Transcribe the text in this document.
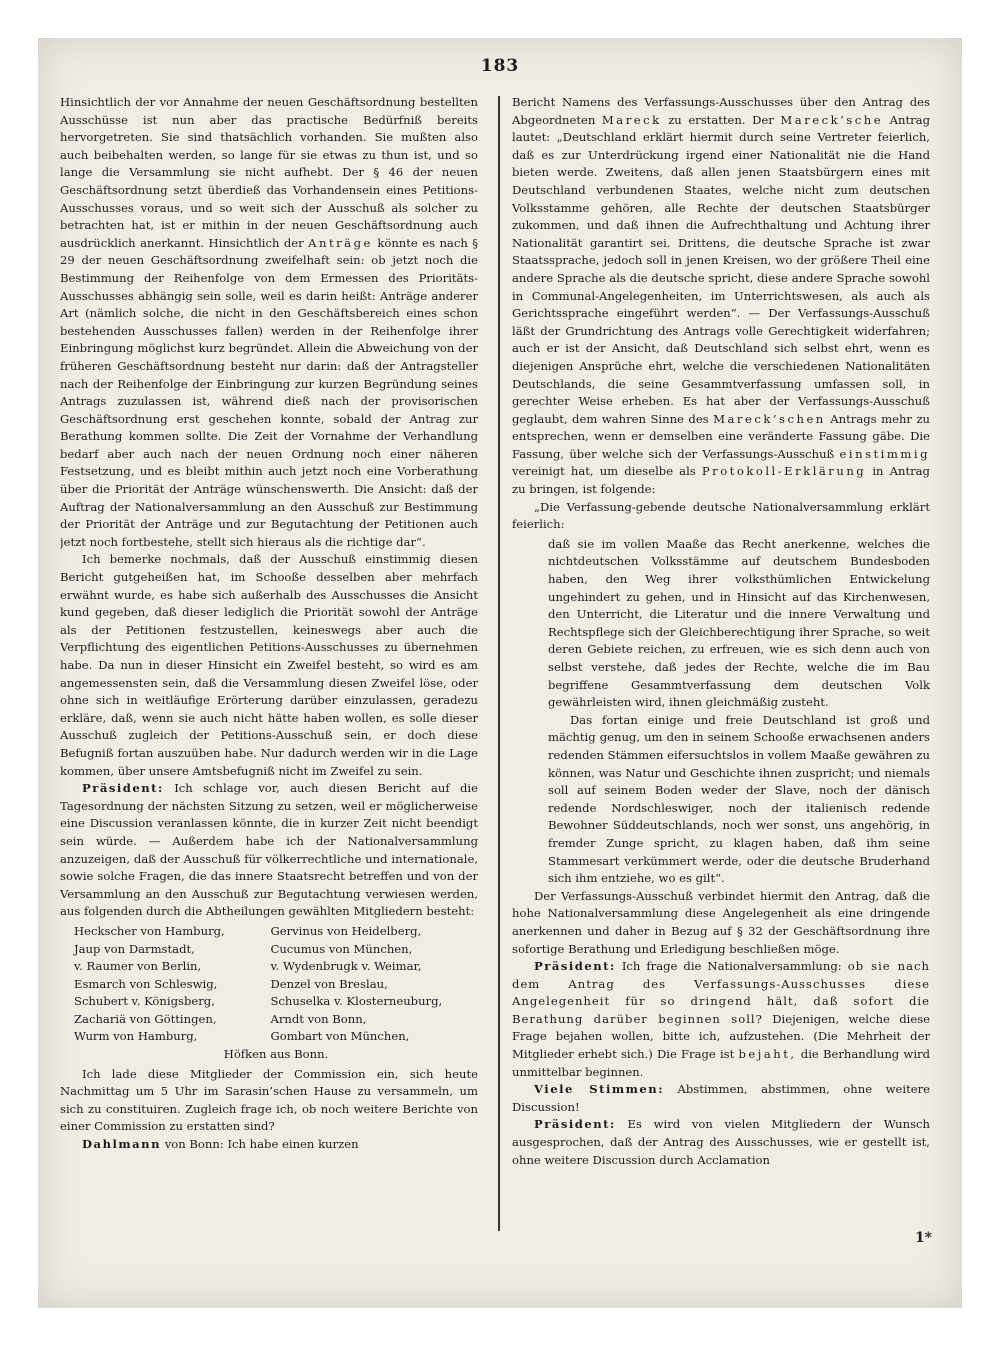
183

Hinsichtlich der vor Annahme der neuen Geschäftsordnung bestellten Ausschüsse ist nun aber das practische Bedürfniß bereits hervorgetreten. Sie sind thatsächlich vorhanden. Sie mußten also auch beibehalten werden, so lange für sie etwas zu thun ist, und so lange die Versammlung sie nicht aufhebt. Der § 46 der neuen Geschäftsordnung setzt überdieß das Vorhandensein eines Petitions-Ausschusses voraus, und so weit sich der Ausschuß als solcher zu betrachten hat, ist er mithin in der neuen Geschäftsordnung auch ausdrücklich anerkannt. Hinsichtlich der Anträge könnte es nach § 29 der neuen Geschäftsordnung zweifelhaft sein: ob jetzt noch die Bestimmung der Reihenfolge von dem Ermessen des Prioritäts-Ausschusses abhängig sein solle, weil es darin heißt: Anträge anderer Art (nämlich solche, die nicht in den Geschäftsbereich eines schon bestehenden Ausschusses fallen) werden in der Reihenfolge ihrer Einbringung möglichst kurz begründet. Allein die Abweichung von der früheren Geschäftsordnung besteht nur darin: daß der Antragsteller nach der Reihenfolge der Einbringung zur kurzen Begründung seines Antrags zuzulassen ist, während dieß nach der provisorischen Geschäftsordnung erst geschehen konnte, sobald der Antrag zur Berathung kommen sollte. Die Zeit der Vornahme der Verhandlung bedarf aber auch nach der neuen Ordnung noch einer näheren Festsetzung, und es bleibt mithin auch jetzt noch eine Vorberathung über die Priorität der Anträge wünschenswerth. Die Ansicht: daß der Auftrag der Nationalversammlung an den Ausschuß zur Bestimmung der Priorität der Anträge und zur Begutachtung der Petitionen auch jetzt noch fortbestehe, stellt sich hieraus als die richtige dar“.

Ich bemerke nochmals, daß der Ausschuß einstimmig diesen Bericht gutgeheißen hat, im Schooße desselben aber mehrfach erwähnt wurde, es habe sich außerhalb des Ausschusses die Ansicht kund gegeben, daß dieser lediglich die Priorität sowohl der Anträge als der Petitionen festzustellen, keineswegs aber auch die Verpflichtung des eigentlichen Petitions-Ausschusses zu übernehmen habe. Da nun in dieser Hinsicht ein Zweifel besteht, so wird es am angemessensten sein, daß die Versammlung diesen Zweifel löse, oder ohne sich in weitläufige Erörterung darüber einzulassen, geradezu erkläre, daß, wenn sie auch nicht hätte haben wollen, es solle dieser Ausschuß zugleich der Petitions-Ausschuß sein, er doch diese Befugniß fortan auszuüben habe. Nur dadurch werden wir in die Lage kommen, über unsere Amtsbefugniß nicht im Zweifel zu sein.

Präsident: Ich schlage vor, auch diesen Bericht auf die Tagesordnung der nächsten Sitzung zu setzen, weil er möglicherweise eine Discussion veranlassen könnte, die in kurzer Zeit nicht beendigt sein würde. — Außerdem habe ich der Nationalversammlung anzuzeigen, daß der Ausschuß für völkerrechtliche und internationale, sowie solche Fragen, die das innere Staatsrecht betreffen und von der Versammlung an den Ausschuß zur Begutachtung verwiesen werden, aus folgenden durch die Abtheilungen gewählten Mitgliedern besteht:

Heckscher von Hamburg,	Gervinus von Heidelberg,
Jaup von Darmstadt,	Cucumus von München,
v. Raumer von Berlin,	v. Wydenbrugk v. Weimar,
Esmarch von Schleswig,	Denzel von Breslau,
Schubert v. Königsberg,	Schuselka v. Klosterneuburg,
Zachariä von Göttingen,	Arndt von Bonn,
Wurm von Hamburg,	Gombart von München,
Höfken aus Bonn.	

Ich lade diese Mitglieder der Commission ein, sich heute Nachmittag um 5 Uhr im Sarasin’schen Hause zu versammeln, um sich zu constituiren. Zugleich frage ich, ob noch weitere Berichte von einer Commission zu erstatten sind?

Dahlmann von Bonn: Ich habe einen kurzen

Bericht Namens des Verfassungs-Ausschusses über den Antrag des Abgeordneten Mareck zu erstatten. Der Mareck’sche Antrag lautet: „Deutschland erklärt hiermit durch seine Vertreter feierlich, daß es zur Unterdrückung irgend einer Nationalität nie die Hand bieten werde. Zweitens, daß allen jenen Staatsbürgern eines mit Deutschland verbundenen Staates, welche nicht zum deutschen Volksstamme gehören, alle Rechte der deutschen Staatsbürger zukommen, und daß ihnen die Aufrechthaltung und Achtung ihrer Nationalität garantirt sei. Drittens, die deutsche Sprache ist zwar Staatssprache, jedoch soll in jenen Kreisen, wo der größere Theil eine andere Sprache als die deutsche spricht, diese andere Sprache sowohl in Communal-Angelegenheiten, im Unterrichtswesen, als auch als Gerichtssprache eingeführt werden“. — Der Verfassungs-Ausschuß läßt der Grundrichtung des Antrags volle Gerechtigkeit widerfahren; auch er ist der Ansicht, daß Deutschland sich selbst ehrt, wenn es diejenigen Ansprüche ehrt, welche die verschiedenen Nationalitäten Deutschlands, die seine Gesammtverfassung umfassen soll, in gerechter Weise erheben. Es hat aber der Verfassungs-Ausschuß geglaubt, dem wahren Sinne des Mareck’schen Antrags mehr zu entsprechen, wenn er demselben eine veränderte Fassung gäbe. Die Fassung, über welche sich der Verfassungs-Ausschuß einstimmig vereinigt hat, um dieselbe als Protokoll-Erklärung in Antrag zu bringen, ist folgende:

„Die Verfassung-gebende deutsche Nationalversammlung erklärt feierlich:

daß sie im vollen Maaße das Recht anerkenne, welches die nichtdeutschen Volksstämme auf deutschem Bundesboden haben, den Weg ihrer volksthümlichen Entwickelung ungehindert zu gehen, und in Hinsicht auf das Kirchenwesen, den Unterricht, die Literatur und die innere Verwaltung und Rechtspflege sich der Gleichberechtigung ihrer Sprache, so weit deren Gebiete reichen, zu erfreuen, wie es sich denn auch von selbst verstehe, daß jedes der Rechte, welche die im Bau begriffene Gesammtverfassung dem deutschen Volk gewährleisten wird, ihnen gleichmäßig zusteht.

Das fortan einige und freie Deutschland ist groß und mächtig genug, um den in seinem Schooße erwachsenen anders redenden Stämmen eifersuchtslos in vollem Maaße gewähren zu können, was Natur und Geschichte ihnen zuspricht; und niemals soll auf seinem Boden weder der Slave, noch der dänisch redende Nordschleswiger, noch der italienisch redende Bewohner Süddeutschlands, noch wer sonst, uns angehörig, in fremder Zunge spricht, zu klagen haben, daß ihm seine Stammesart verkümmert werde, oder die deutsche Bruderhand sich ihm entziehe, wo es gilt“.

Der Verfassungs-Ausschuß verbindet hiermit den Antrag, daß die hohe Nationalversammlung diese Angelegenheit als eine dringende anerkennen und daher in Bezug auf § 32 der Geschäftsordnung ihre sofortige Berathung und Erledigung beschließen möge.

Präsident: Ich frage die Nationalversammlung: ob sie nach dem Antrag des Verfassungs-Ausschusses diese Angelegenheit für so dringend hält, daß sofort die Berathung darüber beginnen soll? Diejenigen, welche diese Frage bejahen wollen, bitte ich, aufzustehen. (Die Mehrheit der Mitglieder erhebt sich.) Die Frage ist bejaht, die Berhandlung wird unmittelbar beginnen.

Viele Stimmen: Abstimmen, abstimmen, ohne weitere Discussion!

Präsident: Es wird von vielen Mitgliedern der Wunsch ausgesprochen, daß der Antrag des Ausschusses, wie er gestellt ist, ohne weitere Discussion durch Acclamation

1*
